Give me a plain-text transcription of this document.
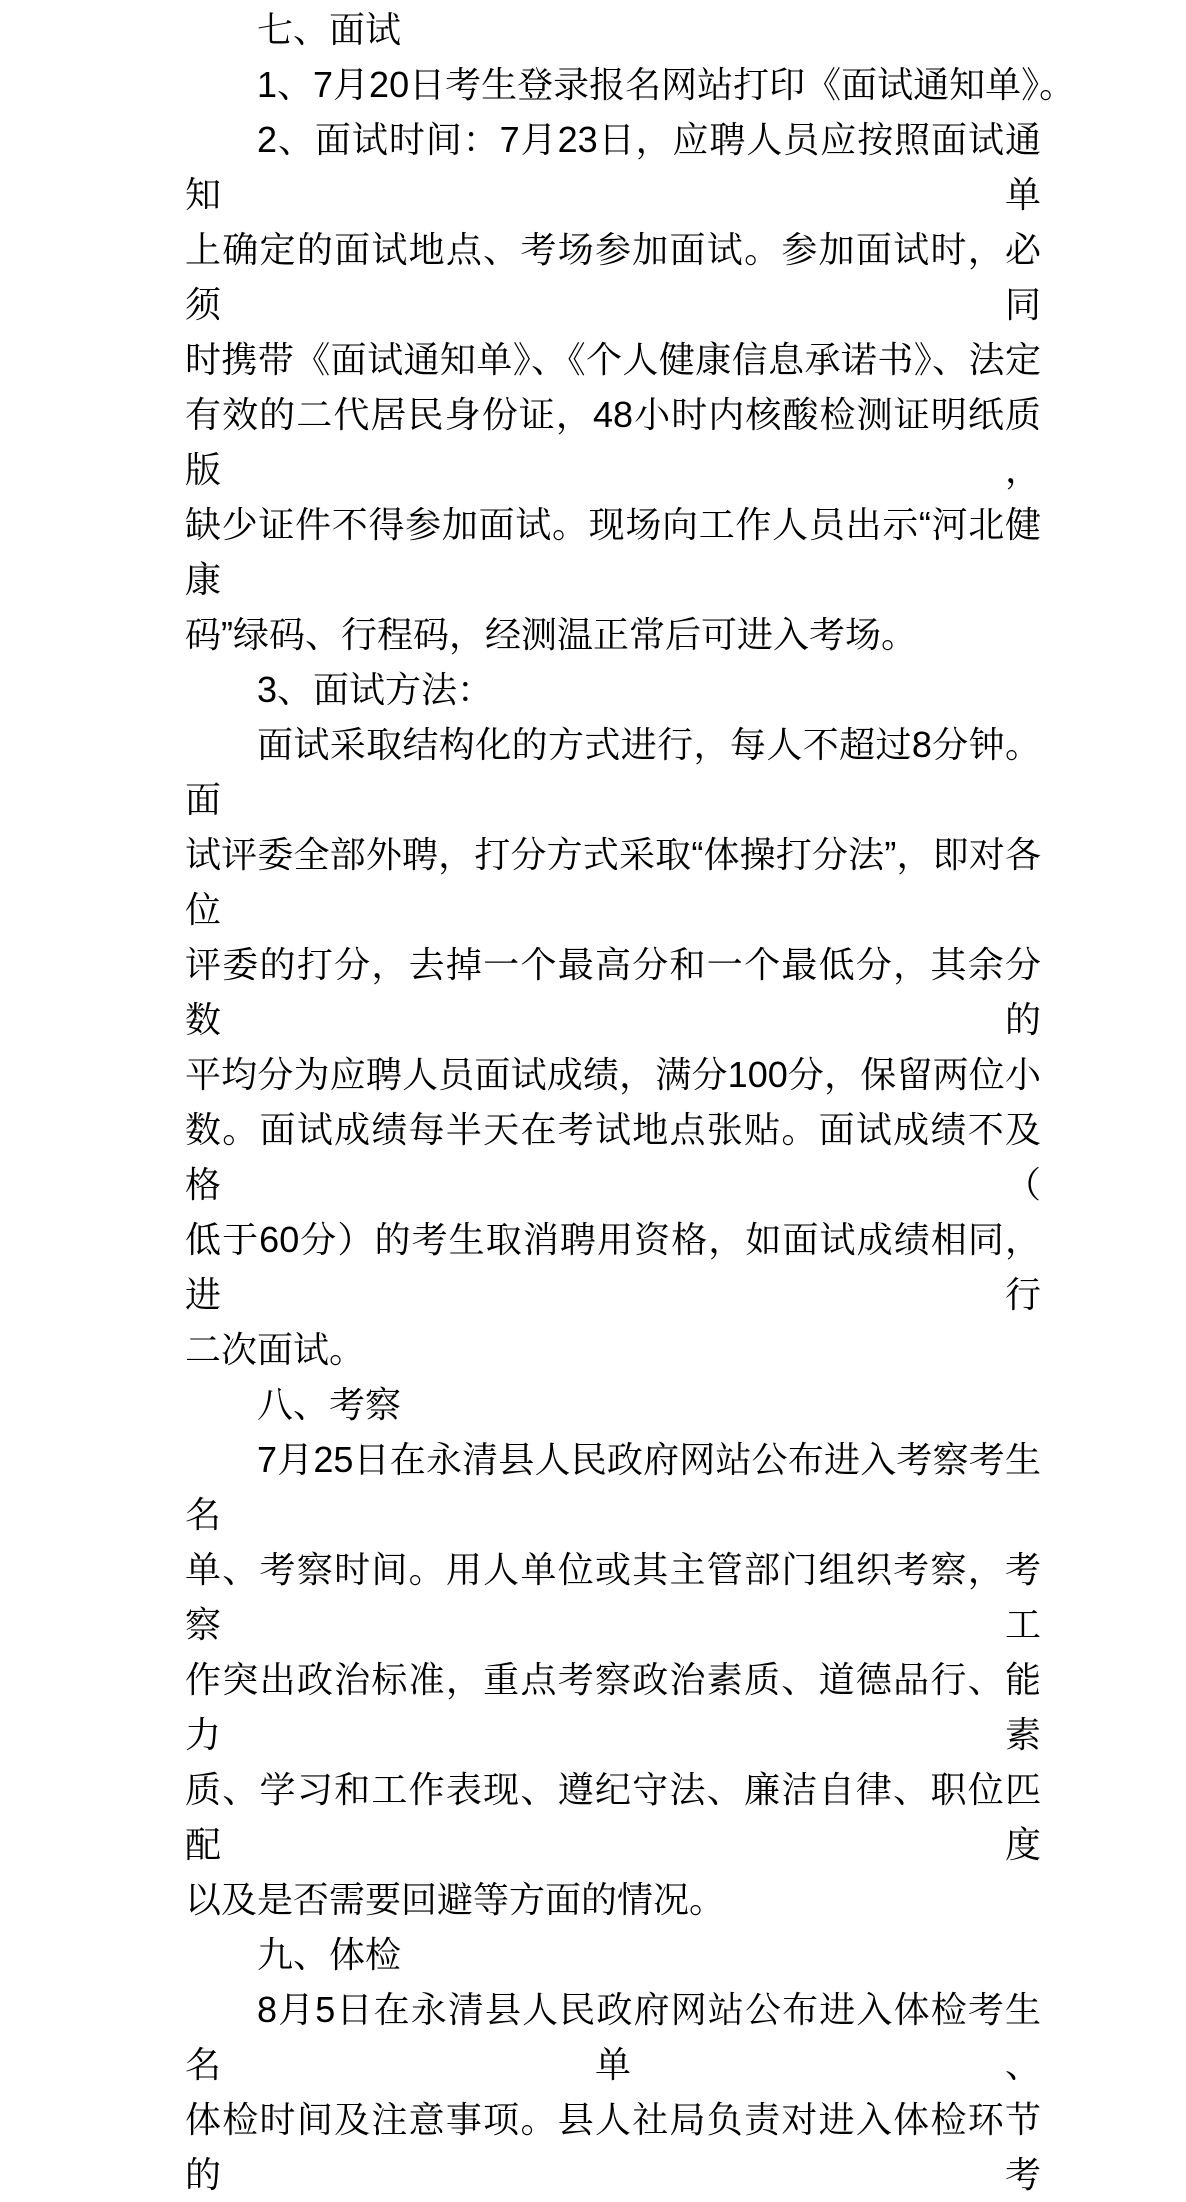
七、面试
1、7月20日考生登录报名网站打印《面试通知单》。
2、面试时间：7月23日，应聘人员应按照面试通知单
上确定的面试地点、考场参加面试。参加面试时，必须同
时携带《面试通知单》、《个人健康信息承诺书》、法定
有效的二代居民身份证，48小时内核酸检测证明纸质版，
缺少证件不得参加面试。现场向工作人员出示“河北健康
码”绿码、行程码，经测温正常后可进入考场。
3、面试方法：
面试采取结构化的方式进行，每人不超过8分钟。面
试评委全部外聘，打分方式采取“体操打分法”，即对各位
评委的打分，去掉一个最高分和一个最低分，其余分数的
平均分为应聘人员面试成绩，满分100分，保留两位小
数。面试成绩每半天在考试地点张贴。面试成绩不及格（
低于60分）的考生取消聘用资格，如面试成绩相同，进行
二次面试。
八、考察
7月25日在永清县人民政府网站公布进入考察考生名
单、考察时间。用人单位或其主管部门组织考察，考察工
作突出政治标准，重点考察政治素质、道德品行、能力素
质、学习和工作表现、遵纪守法、廉洁自律、职位匹配度
以及是否需要回避等方面的情况。
九、体检
8月5日在永清县人民政府网站公布进入体检考生名单、
体检时间及注意事项。县人社局负责对进入体检环节的考
